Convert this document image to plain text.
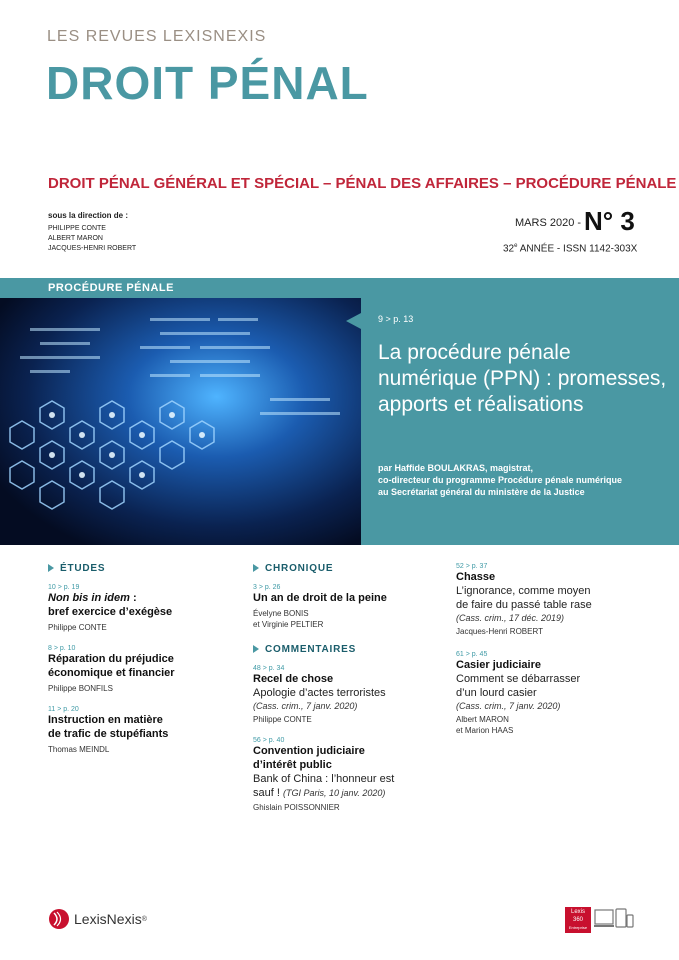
LES REVUES LEXISNEXIS
DROIT PÉNAL
DROIT PÉNAL GÉNÉRAL ET SPÉCIAL – PÉNAL DES AFFAIRES – PROCÉDURE PÉNALE
sous la direction de :
PHILIPPE CONTE
ALBERT MARON
JACQUES-HENRI ROBERT
MARS 2020 - N° 3
32e ANNÉE - ISSN 1142-303X
PROCÉDURE PÉNALE
9 > p. 13
La procédure pénale numérique (PPN) : promesses, apports et réalisations
par Haffide BOULAKRAS, magistrat,
co-directeur du programme Procédure pénale numérique
au Secrétariat général du ministère de la Justice
ÉTUDES
10 > p. 19
Non bis in idem :
bref exercice d’exégèse
Philippe CONTE
8 > p. 10
Réparation du préjudice
économique et financier
Philippe BONFILS
11 > p. 20
Instruction en matière
de trafic de stupéfiants
Thomas MEINDL
CHRONIQUE
3 > p. 26
Un an de droit de la peine
Évelyne BONIS
et Virginie PELTIER
COMMENTAIRES
48 > p. 34
Recel de chose
Apologie d’actes terroristes
(Cass. crim., 7 janv. 2020)
Philippe CONTE
56 > p. 40
Convention judiciaire
d’intérêt public
Bank of China : l’honneur est
sauf ! (TGI Paris, 10 janv. 2020)
Ghislain POISSONNIER
52 > p. 37
Chasse
L’ignorance, comme moyen
de faire du passé table rase
(Cass. crim., 17 déc. 2019)
Jacques-Henri ROBERT
61 > p. 45
Casier judiciaire
Comment se débarrasser
d’un lourd casier
(Cass. crim., 7 janv. 2020)
Albert MARON
et Marion HAAS
LexisNexis ®
Lexis
360
Entreprise
